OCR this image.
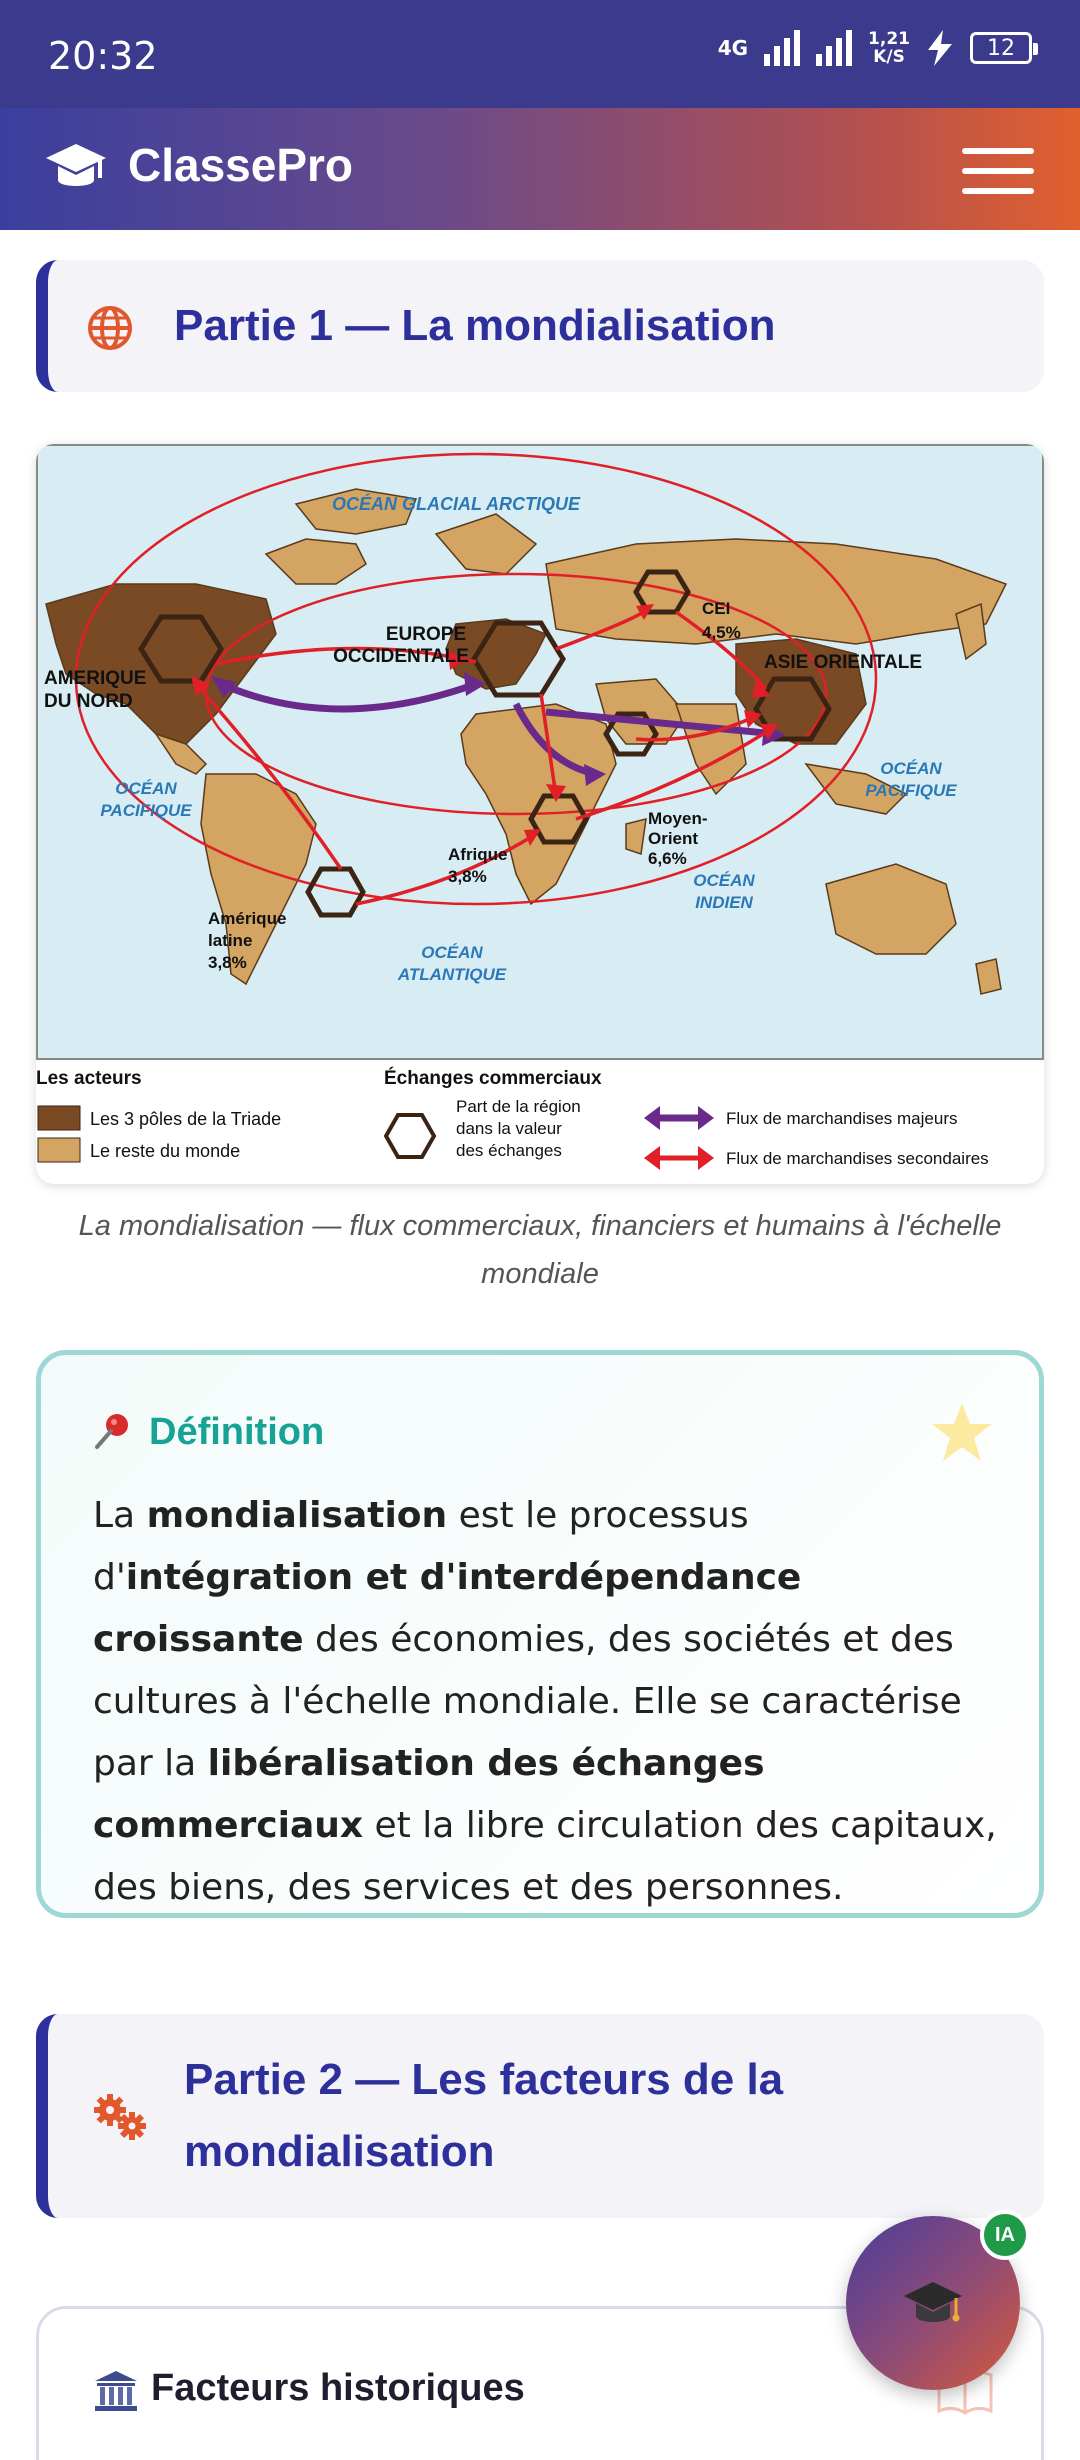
20:32	4G	1,21
K/S	12
ClassePro
Partie 1 — La mondialisation
OCÉAN GLACIAL ARCTIQUE
AMERIQUE
DU NORD
EUROPE
OCCIDENTALE
CEI
4,5%
ASIE ORIENTALE
OCÉAN
PACIFIQUE
OCÉAN
PACIFIQUE
Moyen-
Orient
6,6%
Afrique
3,8%
Amérique
latine
3,8%
OCÉAN
INDIEN
OCÉAN
ATLANTIQUE
Les acteurs
Les 3 pôles de la Triade
Le reste du monde
Échanges commerciaux
Part de la région
dans la valeur
des échanges
Flux de marchandises majeurs
Flux de marchandises secondaires
La mondialisation — flux commerciaux, financiers et humains à l'échelle mondiale
Définition
La mondialisation est le processus d'intégration et d'interdépendance croissante des économies, des sociétés et des cultures à l'échelle mondiale. Elle se caractérise par la libéralisation des échanges commerciaux et la libre circulation des capitaux, des biens, des services et des personnes.
Partie 2 — Les facteurs de la mondialisation
Facteurs historiques
IA
